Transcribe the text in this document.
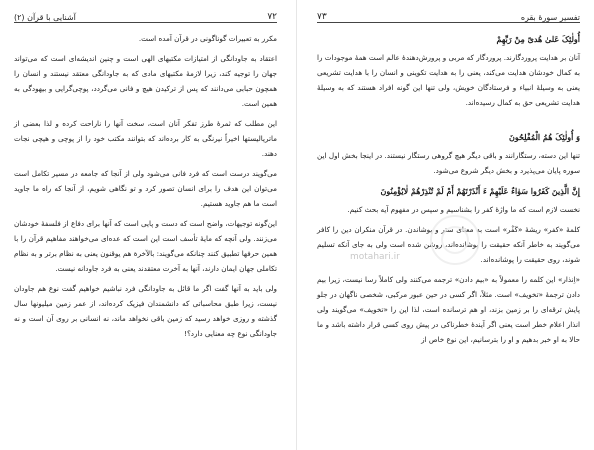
۷۲
آشنایی با قرآن (۲)

مکرر به تعبیرات گوناگونی در قرآن آمده است.

اعتقاد به جاودانگی از امتیازات مکتبهای الهی است و چنین اندیشه‌ای است که می‌تواند جهان را توجیه کند، زیرا لازمهٔ مکتبهای مادی که به جاودانگی معتقد نیستند و انسان را همچون حبابی می‌دانند که پس از ترکیدن هیچ و فانی می‌گردد، پوچی‌گرایی و بیهودگی به همین است.

این مطلب که ثمرهٔ طرز تفکر آنان است، سخت آنها را ناراحت کرده و لذا بعضی از ماتریالیستها اخیراً نیرنگی به کار برده‌اند که بتوانند مکتب خود را از پوچی و هیچی نجات دهند.

می‌گویند درست است که فرد فانی می‌شود ولی از آنجا که جامعه در مسیر تکامل است می‌توان این هدف را برای انسان تصور کرد و تو نگاهی شویم، از آنجا که راه ما جاوید است ما هم جاوید هستیم.

این‌گونه توجیهات، واضح است که دست و پایی است که آنها برای دفاع از فلسفهٔ خودشان می‌زنند. ولی آنچه که مایهٔ تأسف است این است که عده‌ای می‌خواهند مفاهیم قرآن را با همین حرفها تطبیق کنند چنانکه می‌گویند: بالآخرة هم یوقنون یعنی به نظام برتر و به نظام تکاملی جهان ایمان دارند، آنها به آخرت معتقدند یعنی به فرد جاودانه نیست.

ولی باید به آنها گفت اگر ما قائل به جاودانگی فرد نباشیم خواهیم گفت نوع هم جاودان نیست، زیرا طبق محاسباتی که دانشمندان فیزیک کرده‌اند، از عمر زمین میلیونها سال گذشته و روزی خواهد رسید که زمین باقی نخواهد ماند، نه انسانی بر روی آن است و نه جاودانگی نوع چه معنایی دارد؟!

تفسیر سورهٔ بقره
۷۳
أُولٰئِکَ عَلیٰ هُدیً مِنْ رَبِّهِمْ

آنان بر هدایت پروردگارند. پروردگار که مربی و پرورش‌دهندهٔ عالم است همهٔ موجودات را به کمال خودشان هدایت می‌کند، یعنی را به هدایت تکوینی و انسان را با هدایت تشریعی یعنی به وسیلهٔ انبیاء و فرستادگان خویش، ولی تنها این گونه افراد هستند که به وسیلهٔ هدایت تشریعی حق به کمال رسیده‌اند.

وَ أُولٰئِکَ هُمُ الْمُفْلِحُونَ

تنها این دسته، رستگارانند و باقی دیگر هیچ گروهی رستگار نیستند. در اینجا بخش اول این سوره پایان می‌پذیرد و بخش دیگر شروع می‌شود.

إِنَّ الَّذِینَ کَفَرُوا سَوٰاءٌ عَلَیْهِمْ ءَ أَنْذَرْتَهُمْ أَمْ لَمْ تُنْذِرْهُمْ لٰایُؤْمِنُونَ

نخست لازم است که ما واژهٔ کفر را بشناسیم و سپس در مفهوم آیه بحث کنیم.

کلمهٔ «کفر» ریشهٔ «کَفْر» است به معنای ستر و پوشاندن. در قرآن منکران دین را کافر می‌گویند به خاطر آنکه حقیقت را پوشانده‌اند، روشن شده است ولی به جای آنکه تسلیم شوند، روی حقیقت را پوشانده‌اند.

«اِنذار» این کلمه را معمولاً به «بیم دادن» ترجمه می‌کنند ولی کاملاً رسا نیست، زیرا بیم دادن ترجمهٔ «تخویف» است. مثلاً، اگر کسی در حین عبور مرکبی، شخصی ناگهان در جلو پایش ترقه‌ای را بر زمین بزند، او هم ترسانده است، لذا این را «تخویف» می‌گویند ولی انذار اعلام خطر است یعنی اگر آیندهٔ خطرناکی در پیش روی کسی قرار داشته باشد و ما حالا به او خبر بدهیم و او را بترسانیم، این نوع خاص از

motahari.ir
